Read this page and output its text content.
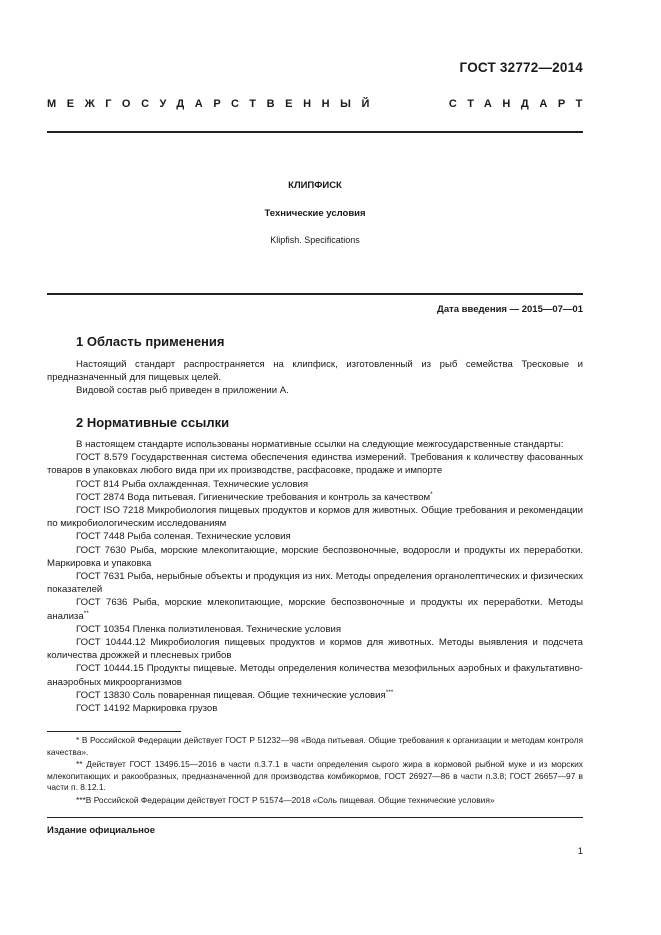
ГОСТ 32772—2014
МЕЖГОСУДАРСТВЕННЫЙ	СТАНДАРТ
КЛИПФИСК
Технические условия
Klipfish. Specifications
Дата введения — 2015—07—01
1 Область применения

Настоящий стандарт распространяется на клипфиск, изготовленный из рыб семейства Тресковые и предназначенный для пищевых целей.

Видовой состав рыб приведен в приложении А.

2 Нормативные ссылки

В настоящем стандарте использованы нормативные ссылки на следующие межгосударственные стандарты:

ГОСТ 8.579 Государственная система обеспечения единства измерений. Требования к количеству фасованных товаров в упаковках любого вида при их производстве, расфасовке, продаже и импорте

ГОСТ 814 Рыба охлажденная. Технические условия

ГОСТ 2874 Вода питьевая. Гигиенические требования и контроль за качеством*

ГОСТ ISO 7218 Микробиология пищевых продуктов и кормов для животных. Общие требования и рекомендации по микробиологическим исследованиям

ГОСТ 7448 Рыба соленая. Технические условия

ГОСТ 7630 Рыба, морские млекопитающие, морские беспозвоночные, водоросли и продукты их переработки. Маркировка и упаковка

ГОСТ 7631 Рыба, нерыбные объекты и продукция из них. Методы определения органолептических и физических показателей

ГОСТ 7636 Рыба, морские млекопитающие, морские беспозвоночные и продукты их переработки. Методы анализа**

ГОСТ 10354 Пленка полиэтиленовая. Технические условия

ГОСТ 10444.12 Микробиология пищевых продуктов и кормов для животных. Методы выявления и подсчета количества дрожжей и плесневых грибов

ГОСТ 10444.15 Продукты пищевые. Методы определения количества мезофильных аэробных и факультативно-анаэробных микроорганизмов

ГОСТ 13830 Соль поваренная пищевая. Общие технические условия***

ГОСТ 14192 Маркировка грузов

* В Российской Федерации действует ГОСТ Р 51232—98 «Вода питьевая. Общие требования к организации и методам контроля качества».

** Действует ГОСТ 13496.15—2016 в части п.3.7.1 в части определения сырого жира в кормовой рыбной муке и из морских млекопитающих и ракообразных, предназначенной для производства комбикормов, ГОСТ 26927—86 в части п.3.8; ГОСТ 26657—97 в части п. 8.12.1.

***В Российской Федерации действует ГОСТ Р 51574—2018 «Соль пищевая. Общие технические условия»

Издание официальное
1
